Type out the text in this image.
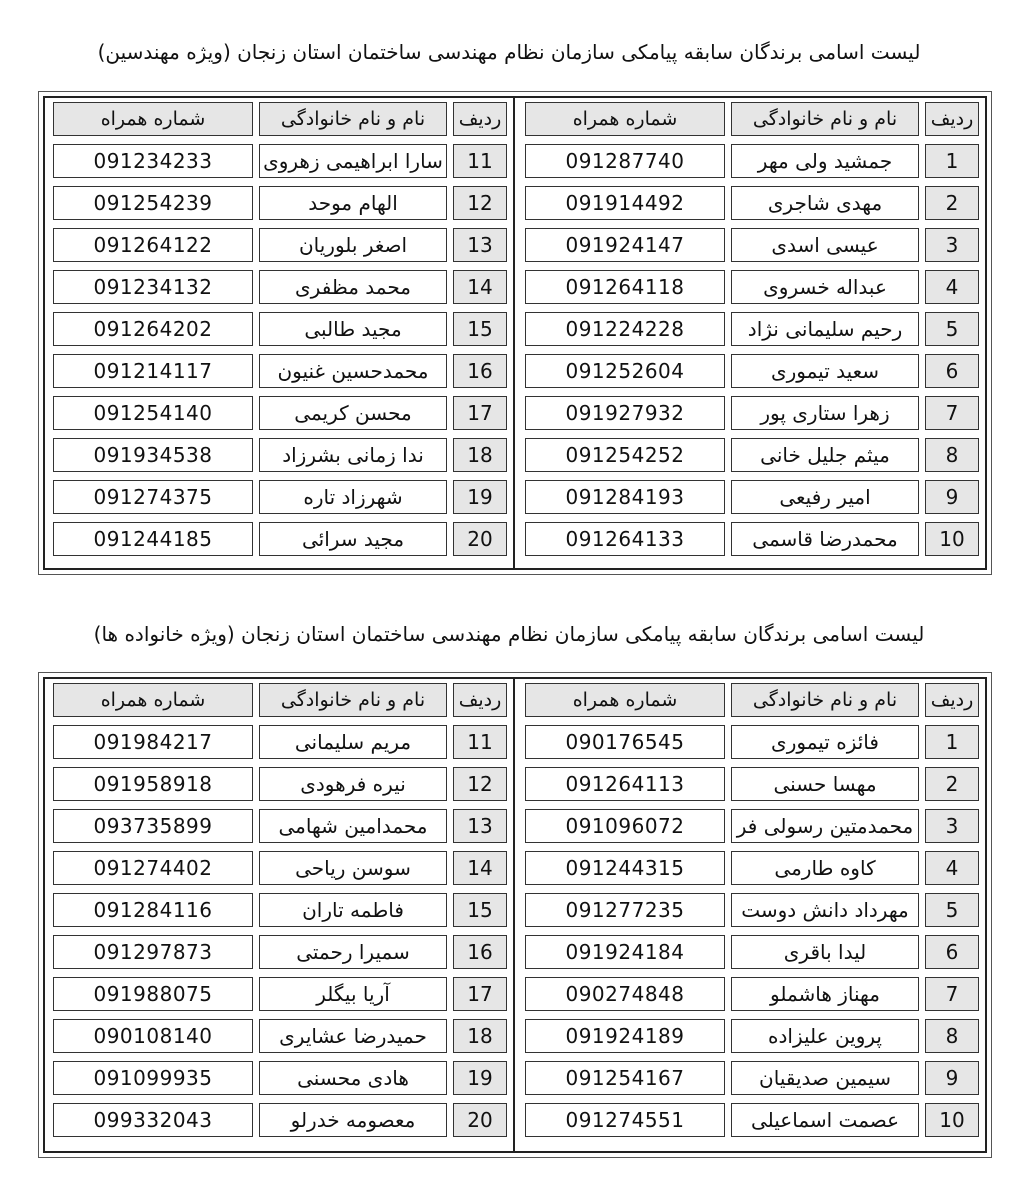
لیست اسامی برندگان سابقه پیامکی سازمان نظام مهندسی ساختمان استان زنجان (ویژه مهندسین)
ردیف
نام و نام خانوادگی
شماره همراه
1
جمشید ولی مهر
091287740
2
مهدی شاجری
091914492
3
عیسی اسدی
091924147
4
عبداله خسروی
091264118
5
رحیم سلیمانی نژاد
091224228
6
سعید تیموری
091252604
7
زهرا ستاری پور
091927932
8
میثم جلیل خانی
091254252
9
امیر رفیعی
091284193
10
محمدرضا قاسمی
091264133
ردیف
نام و نام خانوادگی
شماره همراه
11
سارا ابراهیمی زهروی
091234233
12
الهام موحد
091254239
13
اصغر بلوریان
091264122
14
محمد مظفری
091234132
15
مجید طالبی
091264202
16
محمدحسین غنیون
091214117
17
محسن کریمی
091254140
18
ندا زمانی بشرزاد
091934538
19
شهرزاد تاره
091274375
20
مجید سرائی
091244185
لیست اسامی برندگان سابقه پیامکی سازمان نظام مهندسی ساختمان استان زنجان (ویژه خانواده ها)
ردیف
نام و نام خانوادگی
شماره همراه
1
فائزه تیموری
090176545
2
مهسا حسنی
091264113
3
محمدمتین رسولی فر
091096072
4
کاوه طارمی
091244315
5
مهرداد دانش دوست
091277235
6
لیدا باقری
091924184
7
مهناز هاشملو
090274848
8
پروین علیزاده
091924189
9
سیمین صدیقیان
091254167
10
عصمت اسماعیلی
091274551
ردیف
نام و نام خانوادگی
شماره همراه
11
مریم سلیمانی
091984217
12
نیره فرهودی
091958918
13
محمدامین شهامی
093735899
14
سوسن ریاحی
091274402
15
فاطمه تاران
091284116
16
سمیرا رحمتی
091297873
17
آریا بیگلر
091988075
18
حمیدرضا عشایری
090108140
19
هادی محسنی
091099935
20
معصومه خدرلو
099332043
